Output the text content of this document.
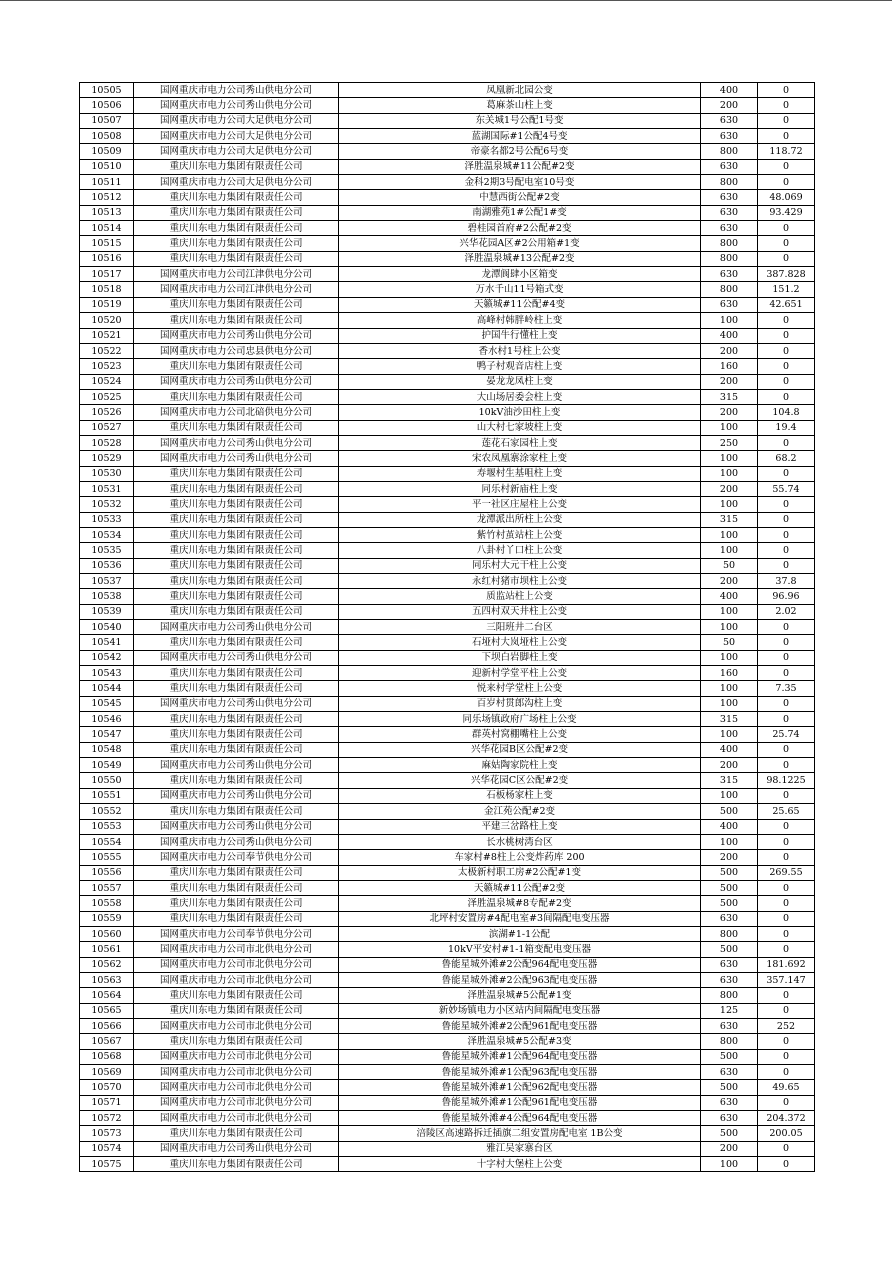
10505	国网重庆市电力公司秀山供电分公司	凤凰新北园公变	400	0
10506	国网重庆市电力公司秀山供电分公司	葛麻茶山柱上变	200	0
10507	国网重庆市电力公司大足供电分公司	东关城1号公配1号变	630	0
10508	国网重庆市电力公司大足供电分公司	蓝湖国际#1公配4号变	630	0
10509	国网重庆市电力公司大足供电分公司	帝豪名都2号公配6号变	800	118.72
10510	重庆川东电力集团有限责任公司	泽胜温泉城#11公配#2变	630	0
10511	国网重庆市电力公司大足供电分公司	金科2期3号配电室10号变	800	0
10512	重庆川东电力集团有限责任公司	中慧西街公配#2变	630	48.069
10513	重庆川东电力集团有限责任公司	南湖雅苑1#公配1#变	630	93.429
10514	重庆川东电力集团有限责任公司	碧桂园首府#2公配#2变	630	0
10515	重庆川东电力集团有限责任公司	兴华花园A区#2公用箱#1变	800	0
10516	重庆川东电力集团有限责任公司	泽胜温泉城#13公配#2变	800	0
10517	国网重庆市电力公司江津供电分公司	龙潭阆肆小区箱变	630	387.828
10518	国网重庆市电力公司江津供电分公司	万水千山11号箱式变	800	151.2
10519	重庆川东电力集团有限责任公司	天籁城#11公配#4变	630	42.651
10520	重庆川东电力集团有限责任公司	高峰村韩胖岭柱上变	100	0
10521	国网重庆市电力公司秀山供电分公司	护国牛行懂柱上变	400	0
10522	国网重庆市电力公司忠县供电分公司	香水村1号柱上公变	200	0
10523	重庆川东电力集团有限责任公司	鸭子村观音店柱上变	160	0
10524	国网重庆市电力公司秀山供电分公司	晏龙龙凤柱上变	200	0
10525	重庆川东电力集团有限责任公司	大山场居委会柱上变	315	0
10526	国网重庆市电力公司北碚供电分公司	10kV油沙田柱上变	200	104.8
10527	重庆川东电力集团有限责任公司	山大村七家坡柱上变	100	19.4
10528	国网重庆市电力公司秀山供电分公司	莲花石家园柱上变	250	0
10529	国网重庆市电力公司秀山供电分公司	宋农凤凰寨涂家柱上变	100	68.2
10530	重庆川东电力集团有限责任公司	寿堰村生基咀柱上变	100	0
10531	重庆川东电力集团有限责任公司	同乐村新庙柱上变	200	55.74
10532	重庆川东电力集团有限责任公司	平一社区庄屋柱上公变	100	0
10533	重庆川东电力集团有限责任公司	龙潭派出所柱上公变	315	0
10534	重庆川东电力集团有限责任公司	紫竹村茧站柱上公变	100	0
10535	重庆川东电力集团有限责任公司	八卦村丫口柱上公变	100	0
10536	重庆川东电力集团有限责任公司	同乐村大元干柱上公变	50	0
10537	重庆川东电力集团有限责任公司	永红村猪市坝柱上公变	200	37.8
10538	重庆川东电力集团有限责任公司	质监站柱上公变	400	96.96
10539	重庆川东电力集团有限责任公司	五四村双天井柱上公变	100	2.02
10540	国网重庆市电力公司秀山供电分公司	三阳班井二台区	100	0
10541	重庆川东电力集团有限责任公司	石垭村大岚垭柱上公变	50	0
10542	国网重庆市电力公司秀山供电分公司	下坝白岩脚柱上变	100	0
10543	重庆川东电力集团有限责任公司	迎新村学堂平柱上公变	160	0
10544	重庆川东电力集团有限责任公司	悦来村学堂柱上公变	100	7.35
10545	国网重庆市电力公司秀山供电分公司	百岁村贯郎沟柱上变	100	0
10546	重庆川东电力集团有限责任公司	同乐场镇政府广场柱上公变	315	0
10547	重庆川东电力集团有限责任公司	群英村窝棚嘴柱上公变	100	25.74
10548	重庆川东电力集团有限责任公司	兴华花园B区公配#2变	400	0
10549	国网重庆市电力公司秀山供电分公司	麻姑陶家院柱上变	200	0
10550	重庆川东电力集团有限责任公司	兴华花园C区公配#2变	315	98.1225
10551	国网重庆市电力公司秀山供电分公司	石板杨家柱上变	100	0
10552	重庆川东电力集团有限责任公司	金江苑公配#2变	500	25.65
10553	国网重庆市电力公司秀山供电分公司	平建三岔路柱上变	400	0
10554	国网重庆市电力公司秀山供电分公司	长水桃树湾台区	100	0
10555	国网重庆市电力公司奉节供电分公司	车家村#8柱上公变炸药库 200	200	0
10556	重庆川东电力集团有限责任公司	太极新村职工房#2公配#1变	500	269.55
10557	重庆川东电力集团有限责任公司	天籁城#11公配#2变	500	0
10558	重庆川东电力集团有限责任公司	泽胜温泉城#8专配#2变	500	0
10559	重庆川东电力集团有限责任公司	北坪村安置房#4配电室#3间隔配电变压器	630	0
10560	国网重庆市电力公司奉节供电分公司	滨湖#1-1公配	800	0
10561	国网重庆市电力公司市北供电分公司	10kV平安村#1-1箱变配电变压器	500	0
10562	国网重庆市电力公司市北供电分公司	鲁能星城外滩#2公配964配电变压器	630	181.692
10563	国网重庆市电力公司市北供电分公司	鲁能星城外滩#2公配963配电变压器	630	357.147
10564	重庆川东电力集团有限责任公司	泽胜温泉城#5公配#1变	800	0
10565	重庆川东电力集团有限责任公司	新妙场镇电力小区站内间隔配电变压器	125	0
10566	国网重庆市电力公司市北供电分公司	鲁能星城外滩#2公配961配电变压器	630	252
10567	重庆川东电力集团有限责任公司	泽胜温泉城#5公配#3变	800	0
10568	国网重庆市电力公司市北供电分公司	鲁能星城外滩#1公配964配电变压器	500	0
10569	国网重庆市电力公司市北供电分公司	鲁能星城外滩#1公配963配电变压器	630	0
10570	国网重庆市电力公司市北供电分公司	鲁能星城外滩#1公配962配电变压器	500	49.65
10571	国网重庆市电力公司市北供电分公司	鲁能星城外滩#1公配961配电变压器	630	0
10572	国网重庆市电力公司市北供电分公司	鲁能星城外滩#4公配964配电变压器	630	204.372
10573	重庆川东电力集团有限责任公司	涪陵区高速路拆迁插旗二组安置房配电室 1B公变	500	200.05
10574	国网重庆市电力公司秀山供电分公司	雅江吴家寨台区	200	0
10575	重庆川东电力集团有限责任公司	十字村大堡柱上公变	100	0
